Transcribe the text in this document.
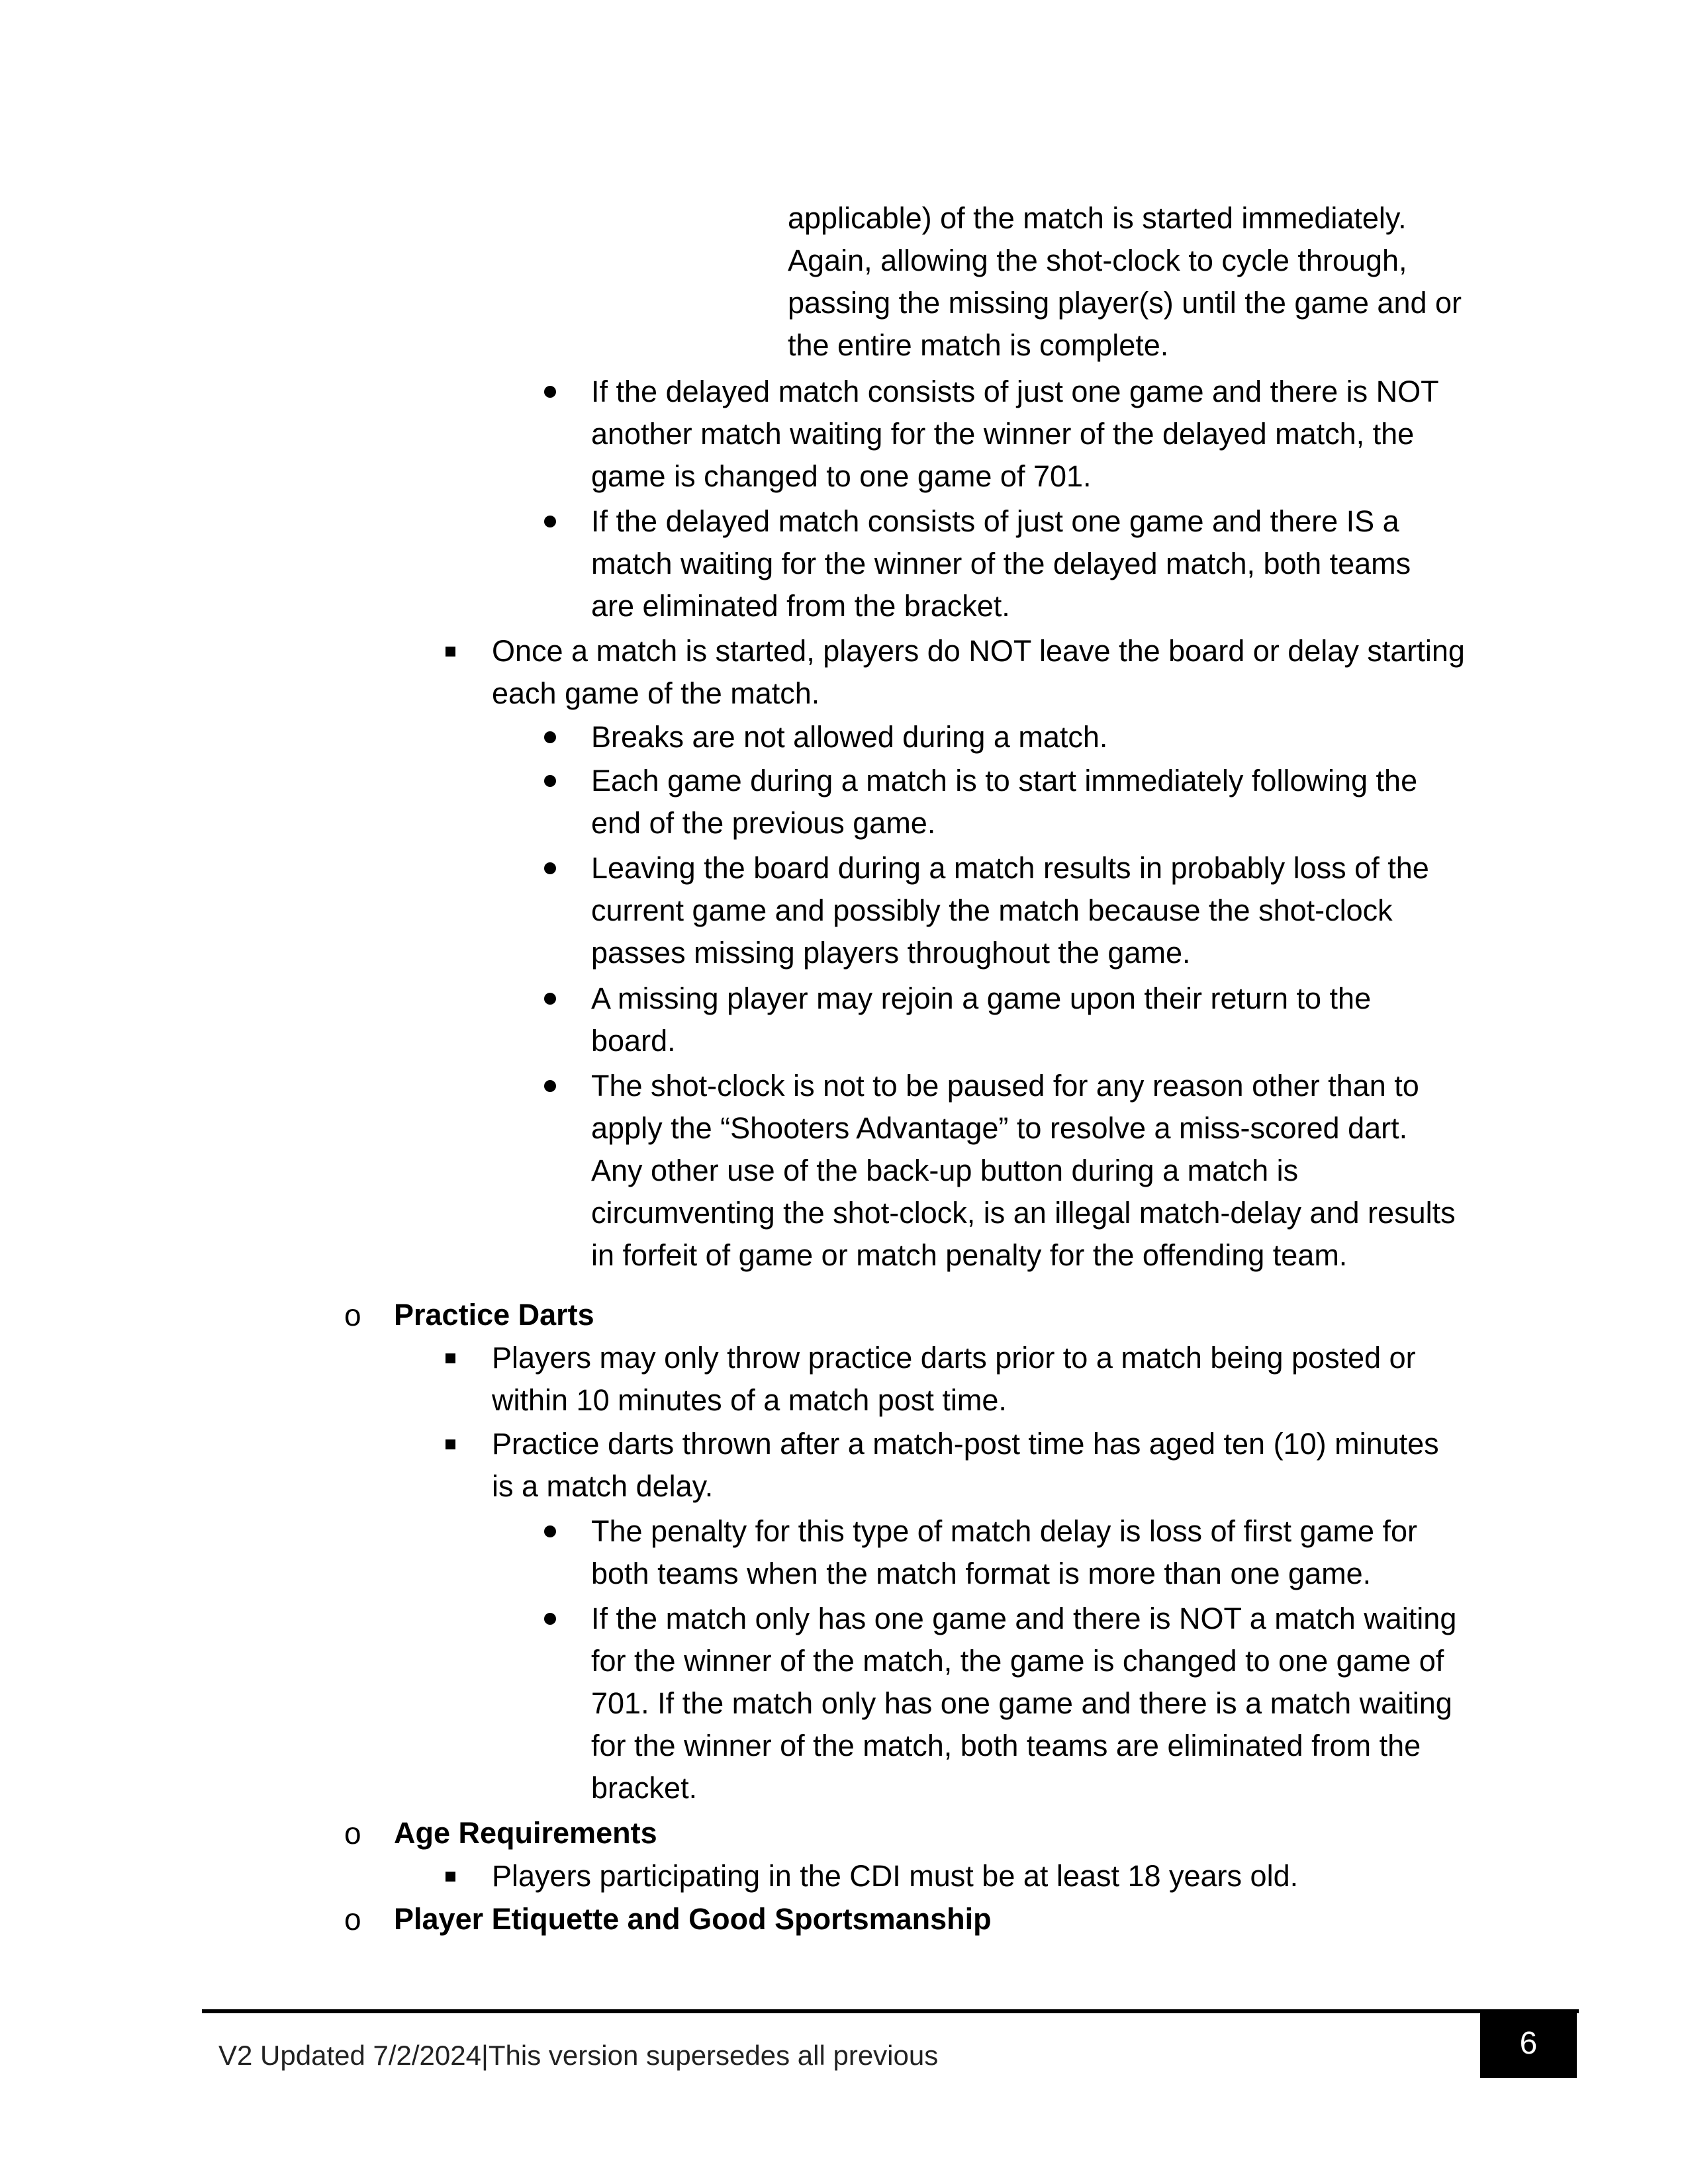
applicable) of the match is started immediately.
Again, allowing the shot-clock to cycle through,
passing the missing player(s) until the game and or
the entire match is complete.
If the delayed match consists of just one game and there is NOT
another match waiting for the winner of the delayed match, the
game is changed to one game of 701.
If the delayed match consists of just one game and there IS a
match waiting for the winner of the delayed match, both teams
are eliminated from the bracket.
Once a match is started, players do NOT leave the board or delay starting
each game of the match.
Breaks are not allowed during a match.
Each game during a match is to start immediately following the
end of the previous game.
Leaving the board during a match results in probably loss of the
current game and possibly the match because the shot-clock
passes missing players throughout the game.
A missing player may rejoin a game upon their return to the
board.
The shot-clock is not to be paused for any reason other than to
apply the “Shooters Advantage” to resolve a miss-scored dart.
Any other use of the back-up button during a match is
circumventing the shot-clock, is an illegal match-delay and results
in forfeit of game or match penalty for the offending team.
o Practice Darts
Players may only throw practice darts prior to a match being posted or
within 10 minutes of a match post time.
Practice darts thrown after a match-post time has aged ten (10) minutes
is a match delay.
The penalty for this type of match delay is loss of first game for
both teams when the match format is more than one game.
If the match only has one game and there is NOT a match waiting
for the winner of the match, the game is changed to one game of
701. If the match only has one game and there is a match waiting
for the winner of the match, both teams are eliminated from the
bracket.
o Age Requirements
Players participating in the CDI must be at least 18 years old.
o Player Etiquette and Good Sportsmanship
V2 Updated 7/2/2024|This version supersedes all previous	6
